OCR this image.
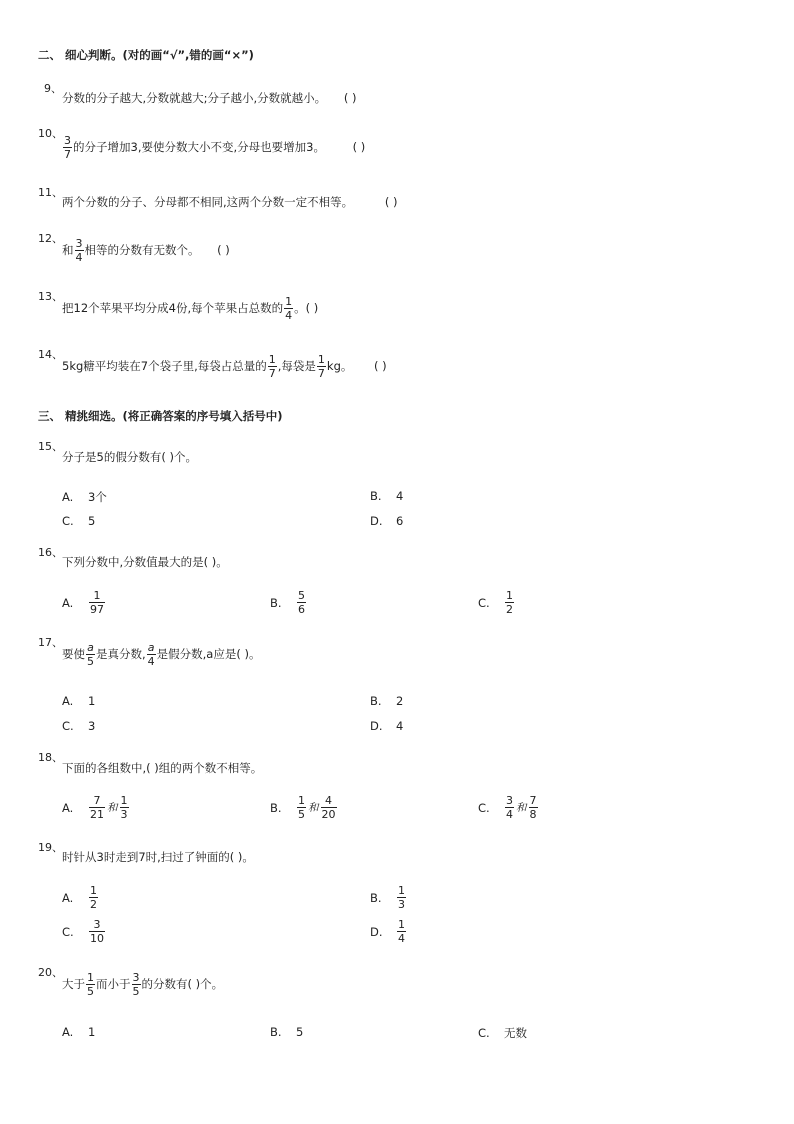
二、 细心判断。(对的画“√”,错的画“×”)
9、
分数的分子越大,分数就越大;分子越小,分数就越小。 ( )
10、
$\frac{3}{7}$ 的分子增加3,要使分数大小不变,分母也要增加3。 ( )
11、
两个分数的分子、分母都不相同,这两个分数一定不相等。	( )
12、
和 $\frac{3}{4}$ 相等的分数有无数个。 ( )
13、
把12个苹果平均分成4份,每个苹果占总数的 $\frac{1}{4}$ 。( )
14、
5kg糖平均装在7个袋子里,每袋占总量的 $\frac{1}{7}$ ,每袋是 $\frac{1}{7}$ kg。 ( )
三、 精挑细选。(将正确答案的序号填入括号中)
15、
分子是5的假分数有( )个。
A. 3个	B. 4
C. 5	D. 6
16、
下列分数中,分数值最大的是( )。
A. $\frac{1}{97}$	B. $\frac{5}{6}$	C. $\frac{1}{2}$
17、
要使 $\frac{a}{5}$ 是真分数, $\frac{a}{4}$ 是假分数,a应是( )。
A. 1	B. 2
C. 3	D. 4
18、
下面的各组数中,( )组的两个数不相等。
A. $\frac{7}{21}$ 和 $\frac{1}{3}$	B. $\frac{1}{5}$ 和 $\frac{4}{20}$	C. $\frac{3}{4}$ 和 $\frac{7}{8}$
19、
时针从3时走到7时,扫过了钟面的( )。
A. $\frac{1}{2}$	B. $\frac{1}{3}$
C. $\frac{3}{10}$	D. $\frac{1}{4}$
20、
大于 $\frac{1}{5}$ 而小于 $\frac{3}{5}$ 的分数有( )个。
A. 1	B. 5	C. 无数
